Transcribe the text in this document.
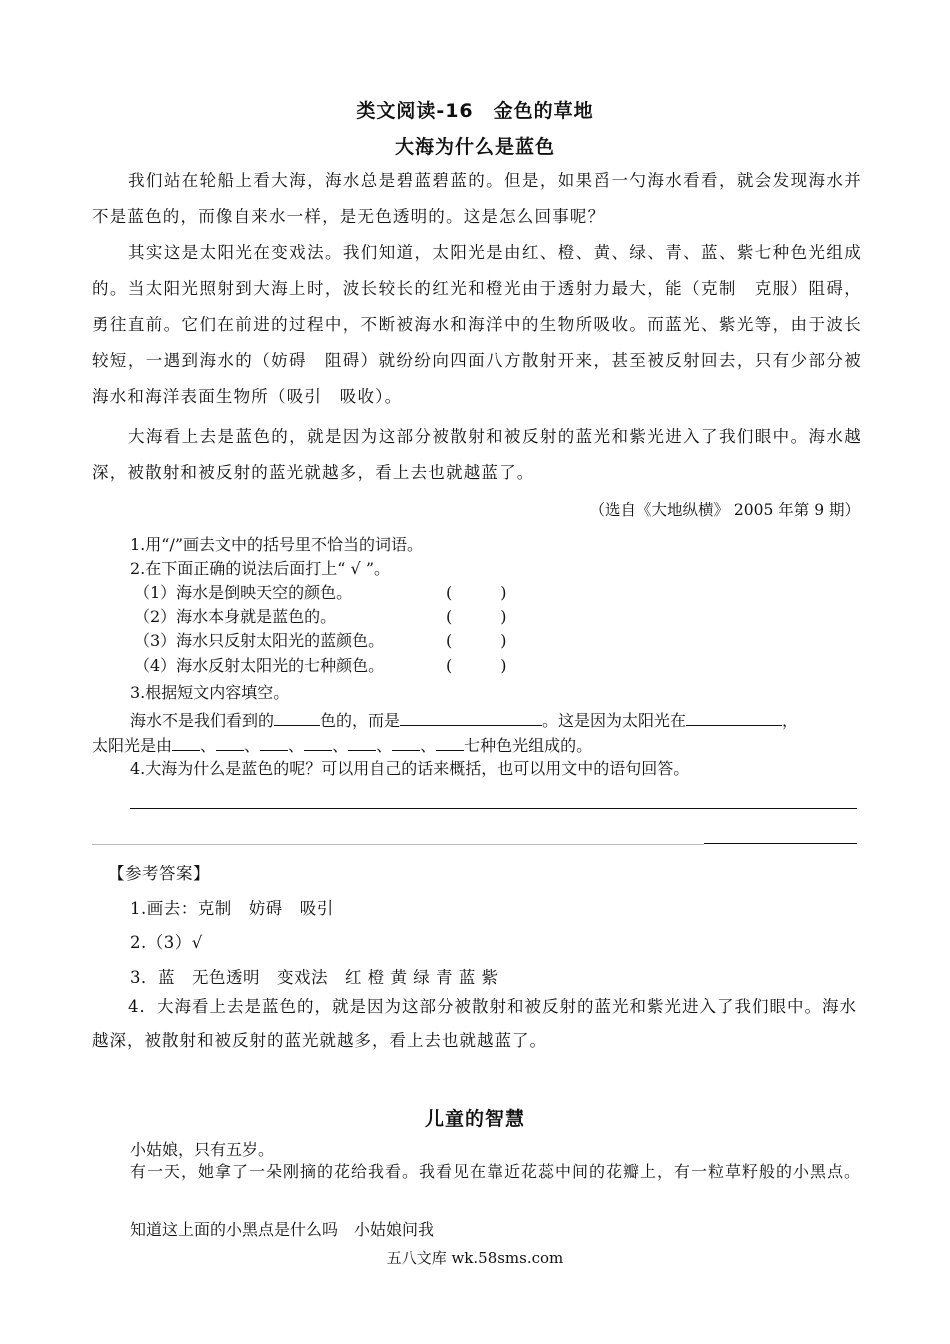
类文阅读-16　金色的草地
大海为什么是蓝色

我们站在轮船上看大海，海水总是碧蓝碧蓝的。但是，如果舀一勺海水看看，就会发现海水并不是蓝色的，而像自来水一样，是无色透明的。这是怎么回事呢？

其实这是太阳光在变戏法。我们知道，太阳光是由红、橙、黄、绿、青、蓝、紫七种色光组成的。当太阳光照射到大海上时，波长较长的红光和橙光由于透射力最大，能（克制　克服）阻碍，勇往直前。它们在前进的过程中，不断被海水和海洋中的生物所吸收。而蓝光、紫光等，由于波长较短，一遇到海水的（妨碍　阻碍）就纷纷向四面八方散射开来，甚至被反射回去，只有少部分被海水和海洋表面生物所（吸引　吸收）。

大海看上去是蓝色的，就是因为这部分被散射和被反射的蓝光和紫光进入了我们眼中。海水越深，被散射和被反射的蓝光就越多，看上去也就越蓝了。

（选自《大地纵横》 2005 年第 9 期）
1.用“/”画去文中的括号里不恰当的词语。
2.在下面正确的说法后面打上“ √ ”。
（1）海水是倒映天空的颜色。	(　　　)
（2）海水本身就是蓝色的。	(　　　)
（3）海水只反射太阳光的蓝颜色。	(　　　)
（4）海水反射太阳光的七种颜色。	(　　　)
3.根据短文内容填空。
海水不是我们看到的	色的，而是	。这是因为太阳光在	，
太阳光是由 、 、 、 、 、 、 七种色光组成的。
4.大海为什么是蓝色的呢？可以用自己的话来概括，也可以用文中的语句回答。
【参考答案】
1.画去：克制　妨碍　吸引
2.（3）√
3．蓝　无色透明　变戏法　红 橙 黄 绿 青 蓝 紫

4．大海看上去是蓝色的，就是因为这部分被散射和被反射的蓝光和紫光进入了我们眼中。海水越深，被散射和被反射的蓝光就越多，看上去也就越蓝了。

儿童的智慧
小姑娘，只有五岁。

有一天，她拿了一朵刚摘的花给我看。我看见在靠近花蕊中间的花瓣上，有一粒草籽般的小黑点。

知道这上面的小黑点是什么吗　小姑娘问我
五八文库 wk.58sms.com
